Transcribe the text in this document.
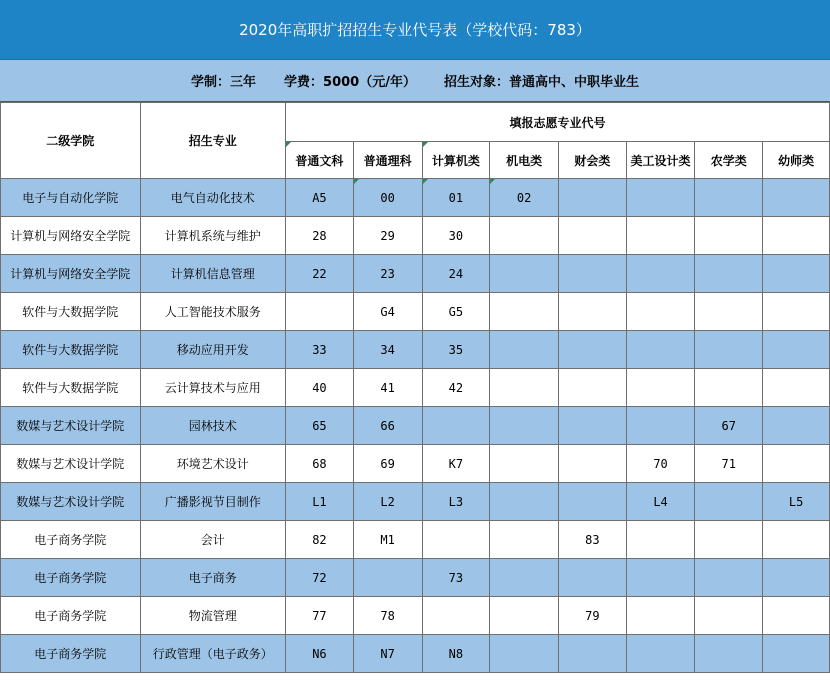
2020年高职扩招招生专业代号表（学校代码：783）
学制：三年 学费：5000（元/年） 招生对象：普通高中、中职毕业生
二级学院	招生专业	填报志愿专业代号							
		普通文科	普通理科	计算机类	机电类	财会类	美工设计类	农学类	幼师类
电子与自动化学院	电气自动化技术	A5	00	01	02				
计算机与网络安全学院	计算机系统与维护	28	29	30					
计算机与网络安全学院	计算机信息管理	22	23	24					
软件与大数据学院	人工智能技术服务		G4	G5					
软件与大数据学院	移动应用开发	33	34	35					
软件与大数据学院	云计算技术与应用	40	41	42					
数媒与艺术设计学院	园林技术	65	66					67	
数媒与艺术设计学院	环境艺术设计	68	69	K7			70	71	
数媒与艺术设计学院	广播影视节目制作	L1	L2	L3			L4		L5
电子商务学院	会计	82	M1			83			
电子商务学院	电子商务	72		73					
电子商务学院	物流管理	77	78			79			
电子商务学院	行政管理（电子政务）	N6	N7	N8					
